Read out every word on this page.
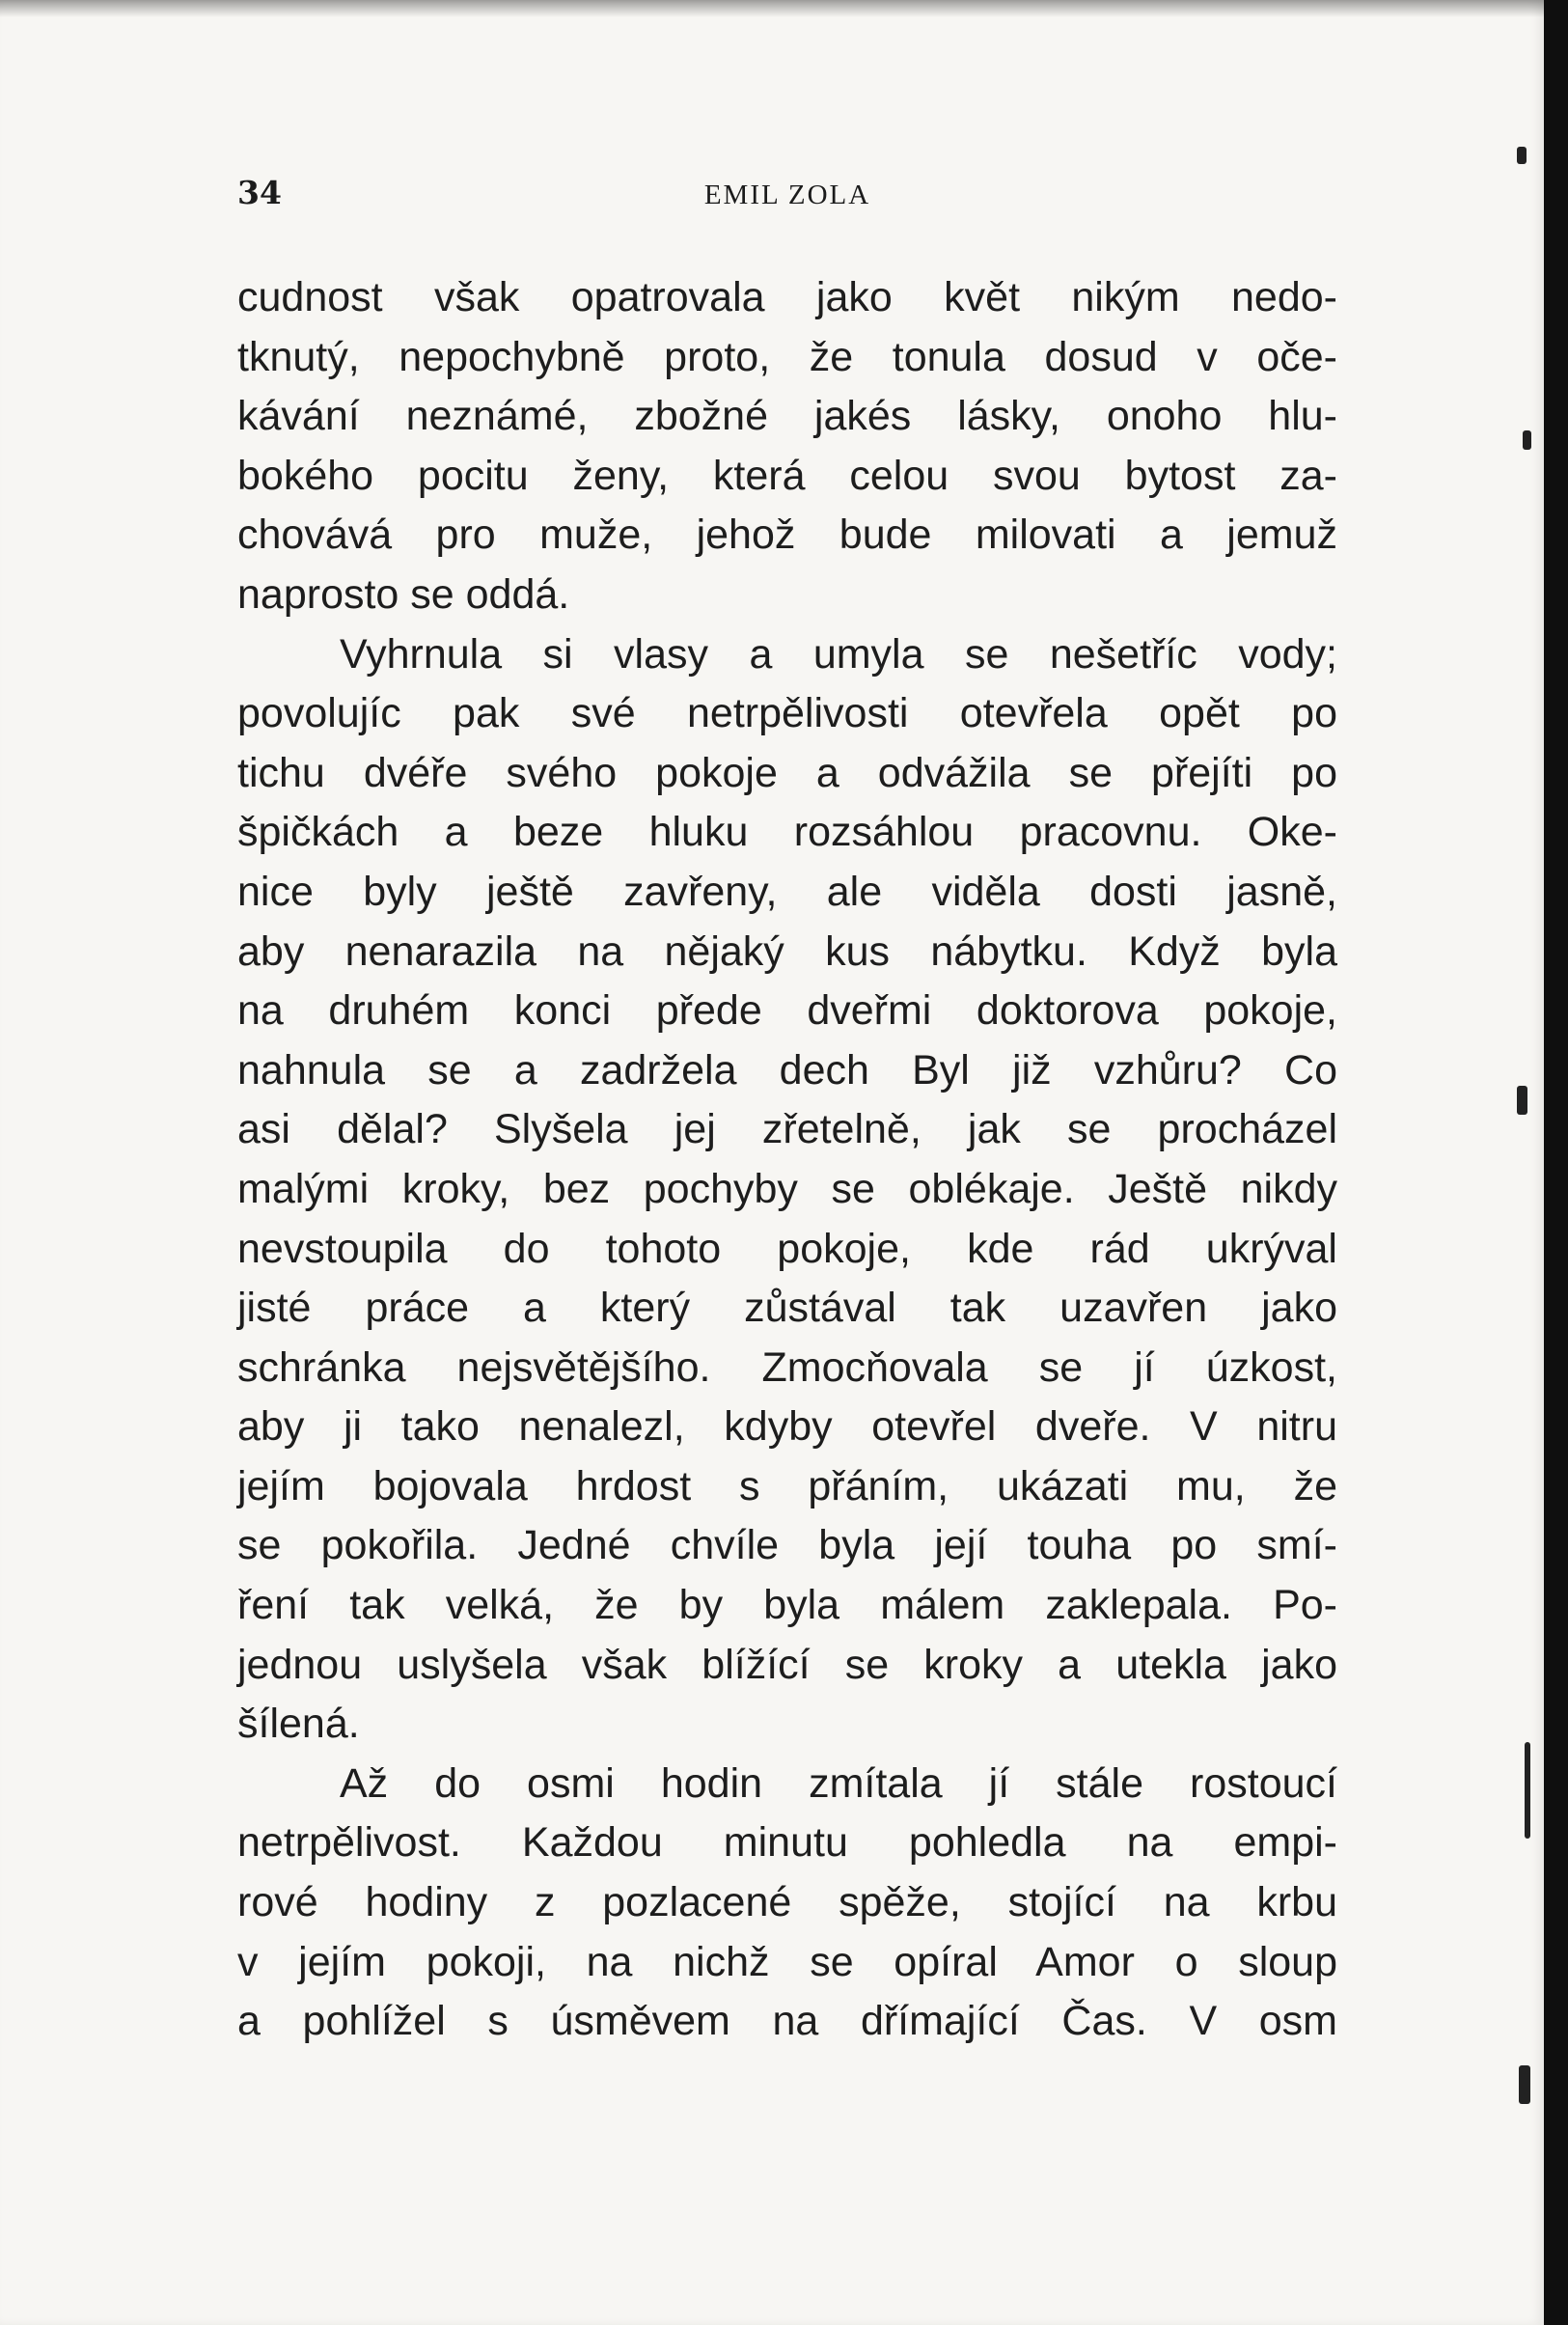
34	EMIL ZOLA
cudnost však opatrovala jako květ nikým nedo-
tknutý, nepochybně proto, že tonula dosud v oče-
kávání neznámé, zbožné jakés lásky, onoho hlu-
bokého pocitu ženy, která celou svou bytost za-
chovává pro muže, jehož bude milovati a jemuž
naprosto se oddá.
Vyhrnula si vlasy a umyla se nešetříc vody;
povolujíc pak své netrpělivosti otevřela opět po
tichu dvéře svého pokoje a odvážila se přejíti po
špičkách a beze hluku rozsáhlou pracovnu. Oke-
nice byly ještě zavřeny, ale viděla dosti jasně,
aby nenarazila na nějaký kus nábytku. Když byla
na druhém konci přede dveřmi doktorova pokoje,
nahnula se a zadržela dech Byl již vzhůru? Co
asi dělal? Slyšela jej zřetelně, jak se procházel
malými kroky, bez pochyby se oblékaje. Ještě nikdy
nevstoupila do tohoto pokoje, kde rád ukrýval
jisté práce a který zůstával tak uzavřen jako
schránka nejsvětějšího. Zmocňovala se jí úzkost,
aby ji tako nenalezl, kdyby otevřel dveře. V nitru
jejím bojovala hrdost s přáním, ukázati mu, že
se pokořila. Jedné chvíle byla její touha po smí-
ření tak velká, že by byla málem zaklepala. Po-
jednou uslyšela však blížící se kroky a utekla jako
šílená.
Až do osmi hodin zmítala jí stále rostoucí
netrpělivost. Každou minutu pohledla na empi-
rové hodiny z pozlacené spěže, stojící na krbu
v jejím pokoji, na nichž se opíral Amor o sloup
a pohlížel s úsměvem na dřímající Čas. V osm
